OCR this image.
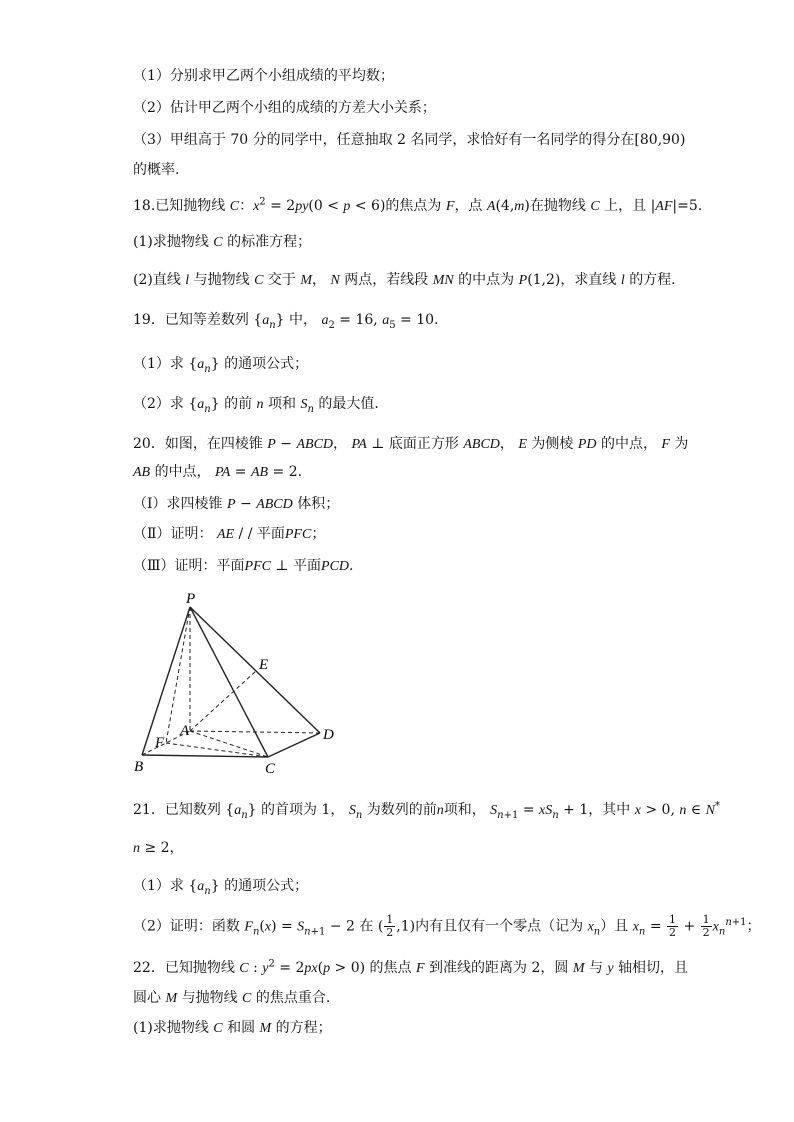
（1）分别求甲乙两个小组成绩的平均数；
（2）估计甲乙两个小组的成绩的方差大小关系；
（3）甲组高于 70 分的同学中，任意抽取 2 名同学，求恰好有一名同学的得分在[80,90)
的概率.
18.已知抛物线 C：$x^2 = 2py(0 < p < 6)$的焦点为 F，点 A(4,m)在抛物线 C 上，且 |AF|=5.
(1)求抛物线 C 的标准方程；
(2)直线 l 与抛物线 C 交于 M， N 两点，若线段 MN 的中点为 P(1,2)，求直线 l 的方程.
19．已知等差数列 $\{a_n\}$ 中， $a_2 = 16$, $a_5 = 10$.
（1）求 $\{a_n\}$ 的通项公式；
（2）求 $\{a_n\}$ 的前 n 项和 $S_n$ 的最大值.
20．如图，在四棱锥 P − ABCD， PA ⊥ 底面正方形 ABCD， E 为侧棱 PD 的中点， F 为
AB 的中点， PA = AB = 2.
（Ⅰ）求四棱锥 P − ABCD 体积；
（Ⅱ）证明： AE / / 平面PFC；
（Ⅲ）证明：平面PFC ⊥ 平面PCD.
P
E
A	D
F
B	C
21．已知数列 $\{a_n\}$ 的首项为 1， $S_n$ 为数列的前n项和， $S_{n+1} = xS_n + 1$，其中 x > 0, n ∈ N*
n ≥ 2，
（1）求 $\{a_n\}$ 的通项公式；
（2）证明：函数 $F_n(x) = S_{n+1} - 2$ 在 ( $\frac{1}{2} ,1$)内有且仅有一个零点（记为 $x_n$）且 $x_n = \frac{1}{2} + \frac{1}{2} x_n^{n+1}$；
22．已知抛物线 C : $y^2 = 2px(p > 0)$ 的焦点 F 到准线的距离为 2，圆 M 与 y 轴相切，且
圆心 M 与抛物线 C 的焦点重合.
(1)求抛物线 C 和圆 M 的方程；
